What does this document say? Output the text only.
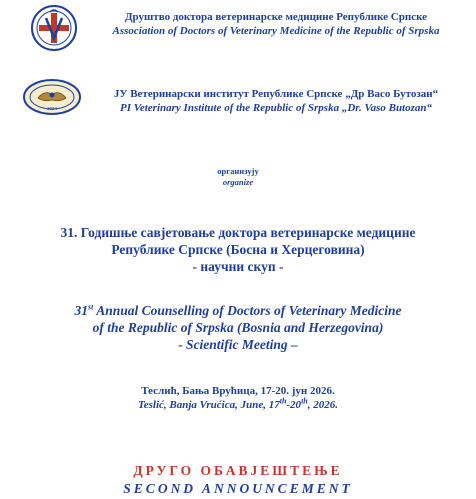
Друштво доктора ветеринарске медицине Републике Српске
Association of Doctors of Veterinary Medicine of the Republic of Srpska
1924
ЈУ Ветеринарски институт Републике Српске „Др Васо Бутозан“
PI Veterinary Institute of the Republic of Srpska „Dr. Vaso Butozan“
организују
organize
31. Годишње савјетовање доктора ветеринарске медицине
Републике Српске (Босна и Херцеговина)
- научни скуп -
31st Annual Counselling of Doctors of Veterinary Medicine
of the Republic of Srpska (Bosnia and Herzegovina)
- Scientific Meeting –
Теслић, Бања Врућица, 17-20. јун 2026.
Teslić, Banja Vrućica, June, 17th-20th, 2026.
ДРУГО ОБАВЈЕШТЕЊЕ
SECOND ANNOUNCEMENT
